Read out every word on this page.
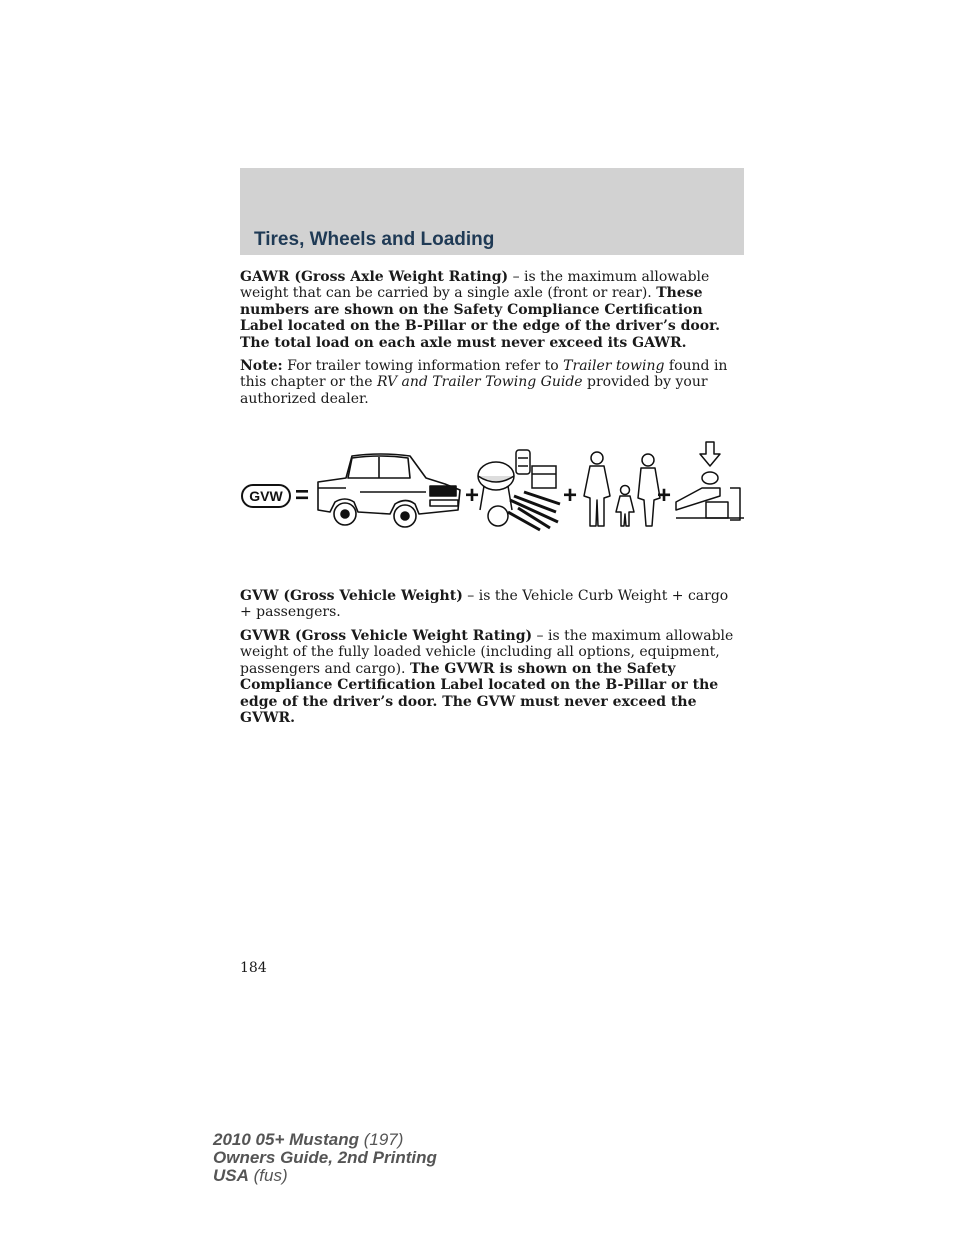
Tires, Wheels and Loading

GAWR (Gross Axle Weight Rating) – is the maximum allowable weight that can be carried by a single axle (front or rear). These numbers are shown on the Safety Compliance Certification Label located on the B-Pillar or the edge of the driver’s door. The total load on each axle must never exceed its GAWR.

Note: For trailer towing information refer to Trailer towing found in this chapter or the RV and Trailer Towing Guide provided by your authorized dealer.

GVW =	+	+	+

GVW (Gross Vehicle Weight) – is the Vehicle Curb Weight + cargo + passengers.

GVWR (Gross Vehicle Weight Rating) – is the maximum allowable weight of the fully loaded vehicle (including all options, equipment, passengers and cargo). The GVWR is shown on the Safety Compliance Certification Label located on the B-Pillar or the edge of the driver’s door. The GVW must never exceed the GVWR.

184
2010 05+ Mustang (197)
Owners Guide, 2nd Printing
USA (fus)
